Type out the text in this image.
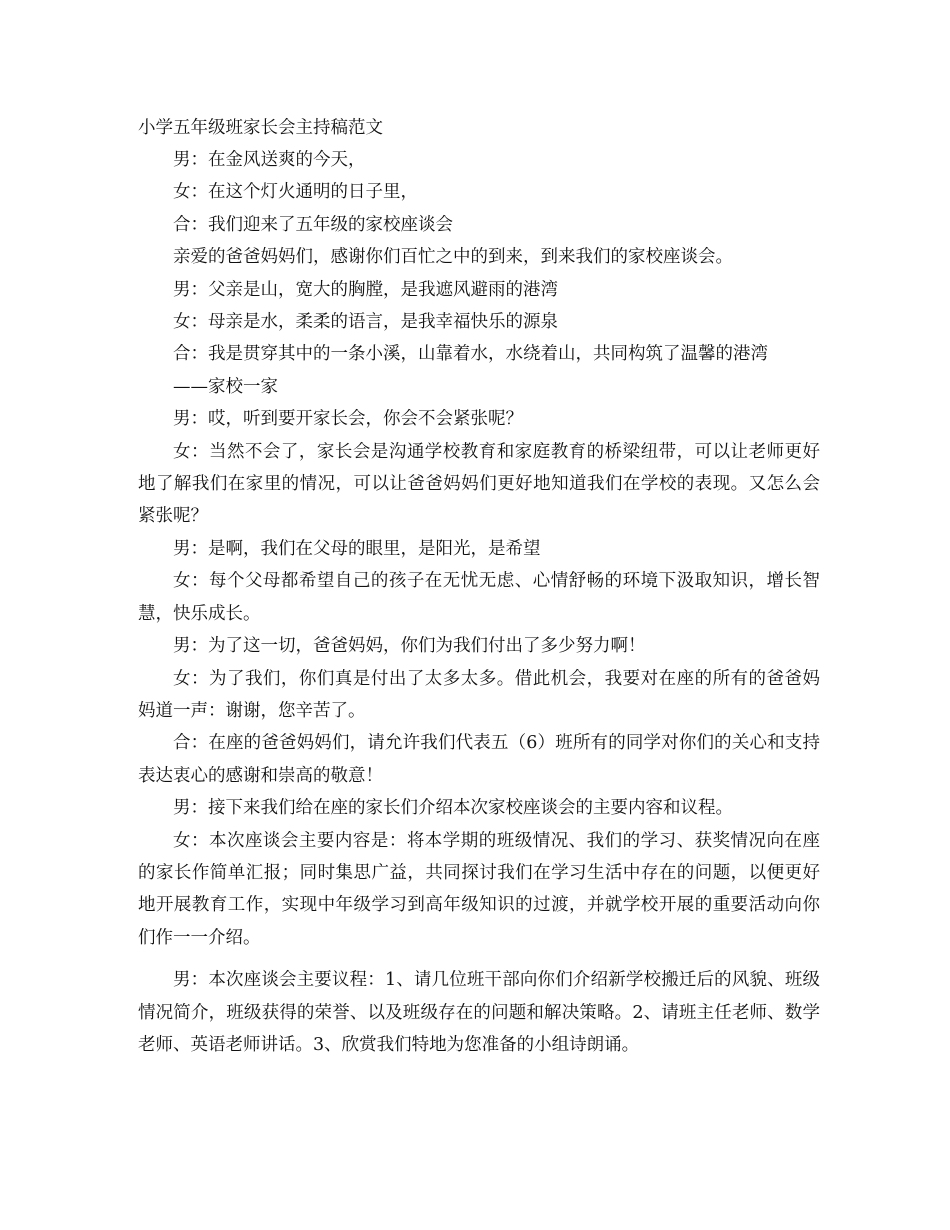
小学五年级班家长会主持稿范文

男：在金风送爽的今天，

女：在这个灯火通明的日子里，

合：我们迎来了五年级的家校座谈会

亲爱的爸爸妈妈们，感谢你们百忙之中的到来，到来我们的家校座谈会。

男：父亲是山，宽大的胸膛，是我遮风避雨的港湾

女：母亲是水，柔柔的语言，是我幸福快乐的源泉

合：我是贯穿其中的一条小溪，山靠着水，水绕着山，共同构筑了温馨的港湾

——家校一家

男：哎，听到要开家长会，你会不会紧张呢？

女：当然不会了，家长会是沟通学校教育和家庭教育的桥梁纽带，可以让老师更好地了解我们在家里的情况，可以让爸爸妈妈们更好地知道我们在学校的表现。又怎么会紧张呢？

男：是啊，我们在父母的眼里，是阳光，是希望

女：每个父母都希望自己的孩子在无忧无虑、心情舒畅的环境下汲取知识，增长智慧，快乐成长。

男：为了这一切，爸爸妈妈，你们为我们付出了多少努力啊！

女：为了我们，你们真是付出了太多太多。借此机会，我要对在座的所有的爸爸妈妈道一声：谢谢，您辛苦了。

合：在座的爸爸妈妈们，请允许我们代表五（6）班所有的同学对你们的关心和支持表达衷心的感谢和崇高的敬意！

男：接下来我们给在座的家长们介绍本次家校座谈会的主要内容和议程。

女：本次座谈会主要内容是：将本学期的班级情况、我们的学习、获奖情况向在座的家长作简单汇报；同时集思广益，共同探讨我们在学习生活中存在的问题，以便更好地开展教育工作，实现中年级学习到高年级知识的过渡，并就学校开展的重要活动向你们作一一介绍。

男：本次座谈会主要议程：1、请几位班干部向你们介绍新学校搬迁后的风貌、班级情况简介，班级获得的荣誉、以及班级存在的问题和解决策略。2、请班主任老师、数学老师、英语老师讲话。3、欣赏我们特地为您准备的小组诗朗诵。
